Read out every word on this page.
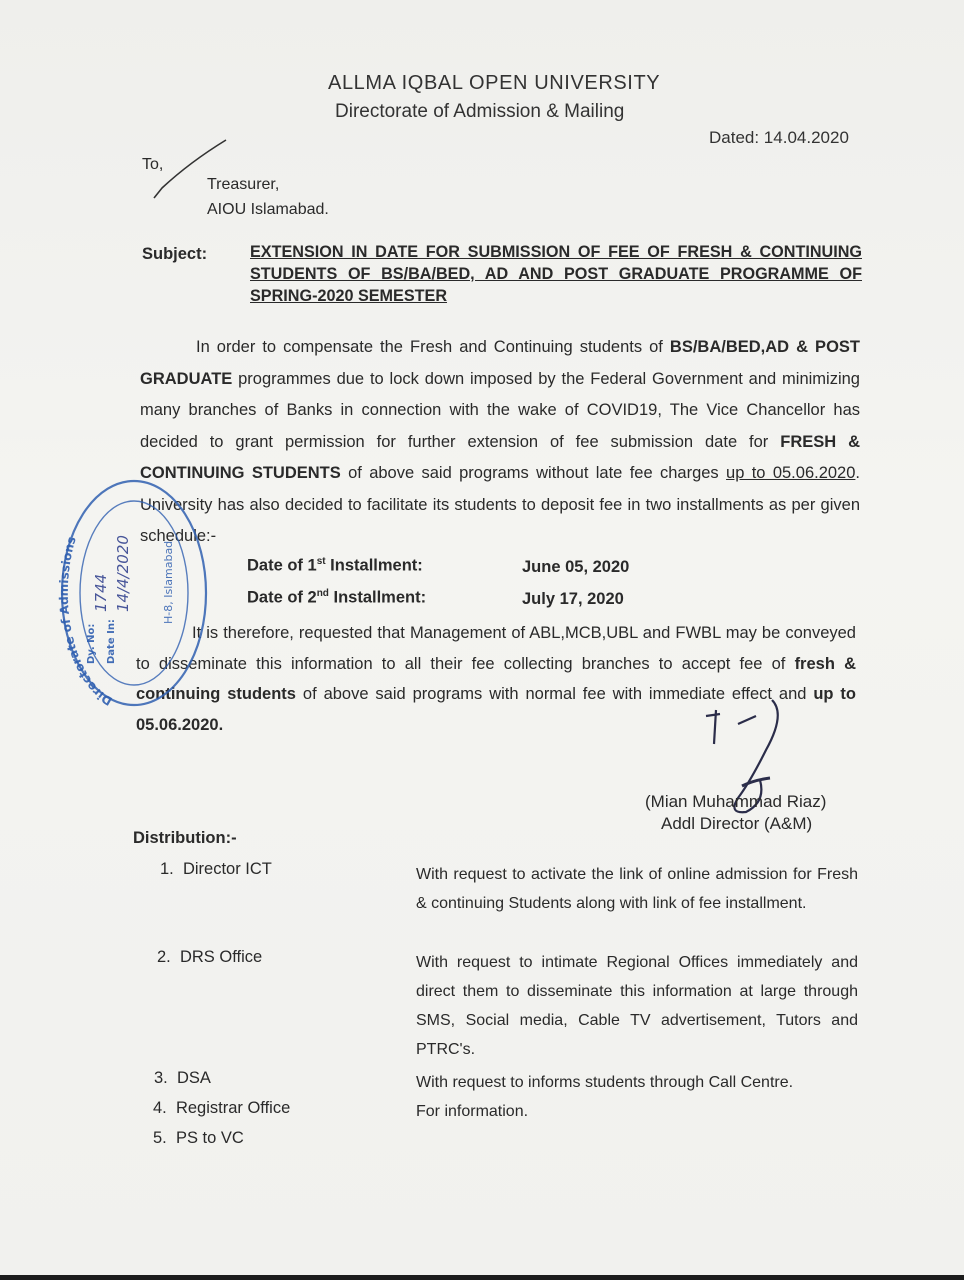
ALLMA IQBAL OPEN UNIVERSITY
Directorate of Admission & Mailing
Dated: 14.04.2020
To,
Treasurer,
AIOU Islamabad.
Subject:	EXTENSION IN DATE FOR SUBMISSION OF FEE OF FRESH & CONTINUING STUDENTS OF BS/BA/BED, AD AND POST GRADUATE PROGRAMME OF SPRING-2020 SEMESTER
In order to compensate the Fresh and Continuing students of BS/BA/BED,AD & POST GRADUATE programmes due to lock down imposed by the Federal Government and minimizing many branches of Banks in connection with the wake of COVID19, The Vice Chancellor has decided to grant permission for further extension of fee submission date for FRESH & CONTINUING STUDENTS of above said programs without late fee charges up to 05.06.2020. University has also decided to facilitate its students to deposit fee in two installments as per given schedule:-
Date of 1st Installment:	June 05, 2020
Date of 2nd Installment:	July 17, 2020
It is therefore, requested that Management of ABL,MCB,UBL and FWBL may be conveyed to disseminate this information to all their fee collecting branches to accept fee of fresh & continuing students of above said programs with normal fee with immediate effect and up to 05.06.2020.
Directorate of Admissions
Dy. No: Date In:
1744 14/4/2020	H-8, Islamabad
(Mian Muhammad Riaz)
Addl Director (A&M)
Distribution:-
1. Director ICT	With request to activate the link of online admission for Fresh & continuing Students along with link of fee installment.
2. DRS Office	With request to intimate Regional Offices immediately and direct them to disseminate this information at large through SMS, Social media, Cable TV advertisement, Tutors and PTRC's.
3. DSA	With request to informs students through Call Centre.
4. Registrar Office	For information.
5. PS to VC
